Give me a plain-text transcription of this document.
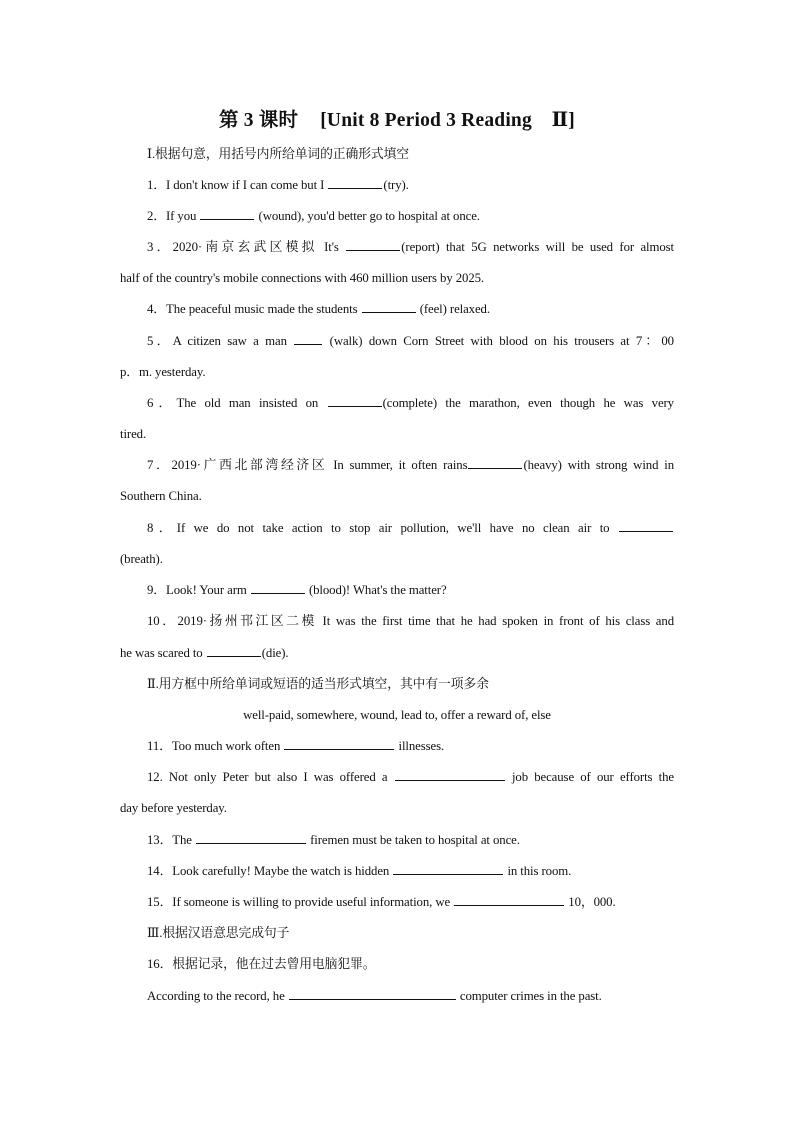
第 3 课时 [Unit 8 Period 3 Reading　Ⅱ]
Ⅰ.根据句意，用括号内所给单词的正确形式填空
1．I don't know if I can come but I	(try).
2．If you	(wound), you'd better go to hospital at once.
3．2020·南京玄武区模拟 It's	(report) that 5G networks will be used for almost
half of the country's mobile connections with 460 million users by 2025.
4．The peaceful music made the students	(feel) relaxed.
5．A citizen saw a man	(walk) down Corn Street with blood on his trousers at 7：00
p．m. yesterday.
6．The old man insisted on	(complete) the marathon, even though he was very
tired.
7．2019·广西北部湾经济区 In summer, it often rains	(heavy) with strong wind in
Southern China.
8．If we do not take action to stop air pollution, we'll have no clean air to
(breath).
9．Look! Your arm	(blood)! What's the matter?
10．2019·扬州邗江区二模 It was the first time that he had spoken in front of his class and
he was scared to	(die).
Ⅱ.用方框中所给单词或短语的适当形式填空，其中有一项多余
well-paid, somewhere, wound, lead to, offer a reward of, else
11．Too much work often	illnesses.
12. Not only Peter but also I was offered a	job because of our efforts the
day before yesterday.
13．The	firemen must be taken to hospital at once.
14．Look carefully! Maybe the watch is hidden	in this room.
15．If someone is willing to provide useful information, we	10，000.
Ⅲ.根据汉语意思完成句子
16．根据记录，他在过去曾用电脑犯罪。
According to the record, he	computer crimes in the past.
